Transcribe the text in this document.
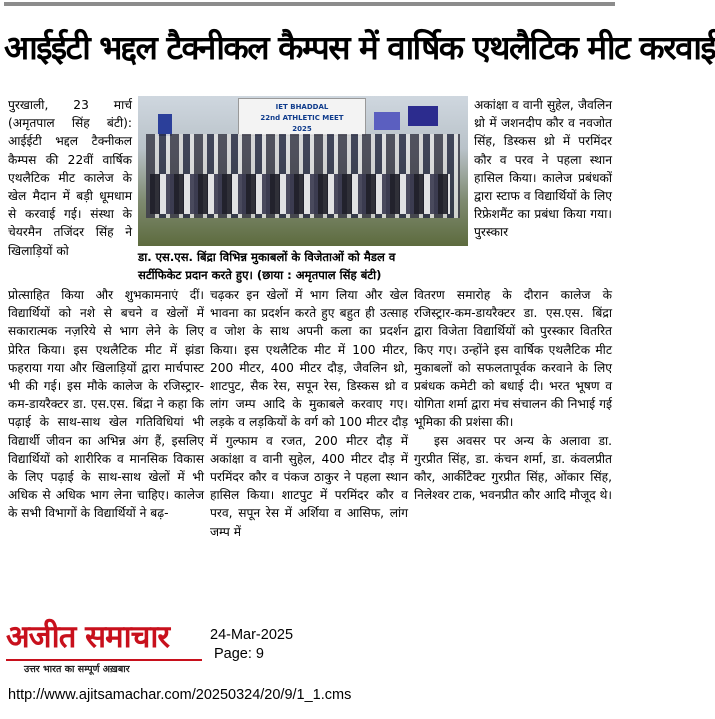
आईईटी भद्दल टैक्नीकल कैम्पस में वार्षिक एथलैटिक मीट करवाई

पुरखाली, 23 मार्च (अमृतपाल सिंह बंटी): आईईटी भद्दल टैक्नीकल कैम्पस की 22वीं वार्षिक एथलैटिक मीट कालेज के खेल मैदान में बड़ी धूमधाम से करवाई गई। संस्था के चेयरमैन तजिंदर सिंह ने खिलाड़ियों को

IET BHADDAL
22nd ATHLETIC MEET
2025
डा. एस.एस. बिंद्रा विभिन्न मुकाबलों के विजेताओं को मैडल व
सर्टीफिकेट प्रदान करते हुए। (छाया : अमृतपाल सिंह बंटी)

अकांक्षा व वानी सुहेल, जैवलिन थ्रो में जशनदीप कौर व नवजोत सिंह, डिस्कस थ्रो में परमिंदर कौर व परव ने पहला स्थान हासिल किया। कालेज प्रबंधकों द्वारा स्टाफ व विद्यार्थियों के लिए रिफ्रेशमैंट का प्रबंधा किया गया। पुरस्कार

प्रोत्साहित किया और शुभकामनाएं दीं। विद्यार्थियों को नशे से बचने व खेलों में सकारात्मक नज़रिये से भाग लेने के लिए प्रेरित किया। इस एथलैटिक मीट में झंडा फहराया गया और खिलाड़ियों द्वारा मार्चपास्ट भी की गई। इस मौके कालेज के रजिस्ट्रार-कम-डायरैक्टर डा. एस.एस. बिंद्रा ने कहा कि पढ़ाई के साथ-साथ खेल गतिविधियां भी विद्यार्थी जीवन का अभिन्न अंग हैं, इसलिए विद्यार्थियों को शारीरिक व मानसिक विकास के लिए पढ़ाई के साथ-साथ खेलों में भी अधिक से अधिक भाग लेना चाहिए। कालेज के सभी विभागों के विद्यार्थियों ने बढ़-

चढ़कर इन खेलों में भाग लिया और खेल भावना का प्रदर्शन करते हुए बहुत ही उत्साह व जोश के साथ अपनी कला का प्रदर्शन किया। इस एथलैटिक मीट में 100 मीटर, 200 मीटर, 400 मीटर दौड़, जैवलिन थ्रो, शाटपुट, सैक रेस, सपून रेस, डिस्कस थ्रो व लांग जम्प आदि के मुकाबले करवाए गए। लड़के व लड़कियों के वर्ग को 100 मीटर दौड़ में गुल्फाम व रजत, 200 मीटर दौड़ में अकांक्षा व वानी सुहेल, 400 मीटर दौड़ में परमिंदर कौर व पंकज ठाकुर ने पहला स्थान हासिल किया। शाटपुट में परमिंदर कौर व परव, सपून रेस में अर्शिया व आसिफ, लांग जम्प में

वितरण समारोह के दौरान कालेज के रजिस्ट्रार-कम-डायरैक्टर डा. एस.एस. बिंद्रा द्वारा विजेता विद्यार्थियों को पुरस्कार वितरित किए गए। उन्होंने इस वार्षिक एथलैटिक मीट मुकाबलों को सफलतापूर्वक करवाने के लिए प्रबंधक कमेटी को बधाई दी। भरत भूषण व योगिता शर्मा द्वारा मंच संचालन की निभाई गई भूमिका की प्रशंसा की।

इस अवसर पर अन्य के अलावा डा. गुरप्रीत सिंह, डा. कंचन शर्मा, डा. कंवलप्रीत कौर, आर्कीटैक्ट गुरप्रीत सिंह, ओंकार सिंह, निलेश्वर टाक, भवनप्रीत कौर आदि मौजूद थे।

अजीत समाचार
उत्तर भारत का सम्पूर्ण अख़बार
24-Mar-2025
Page: 9
http://www.ajitsamachar.com/20250324/20/9/1_1.cms
